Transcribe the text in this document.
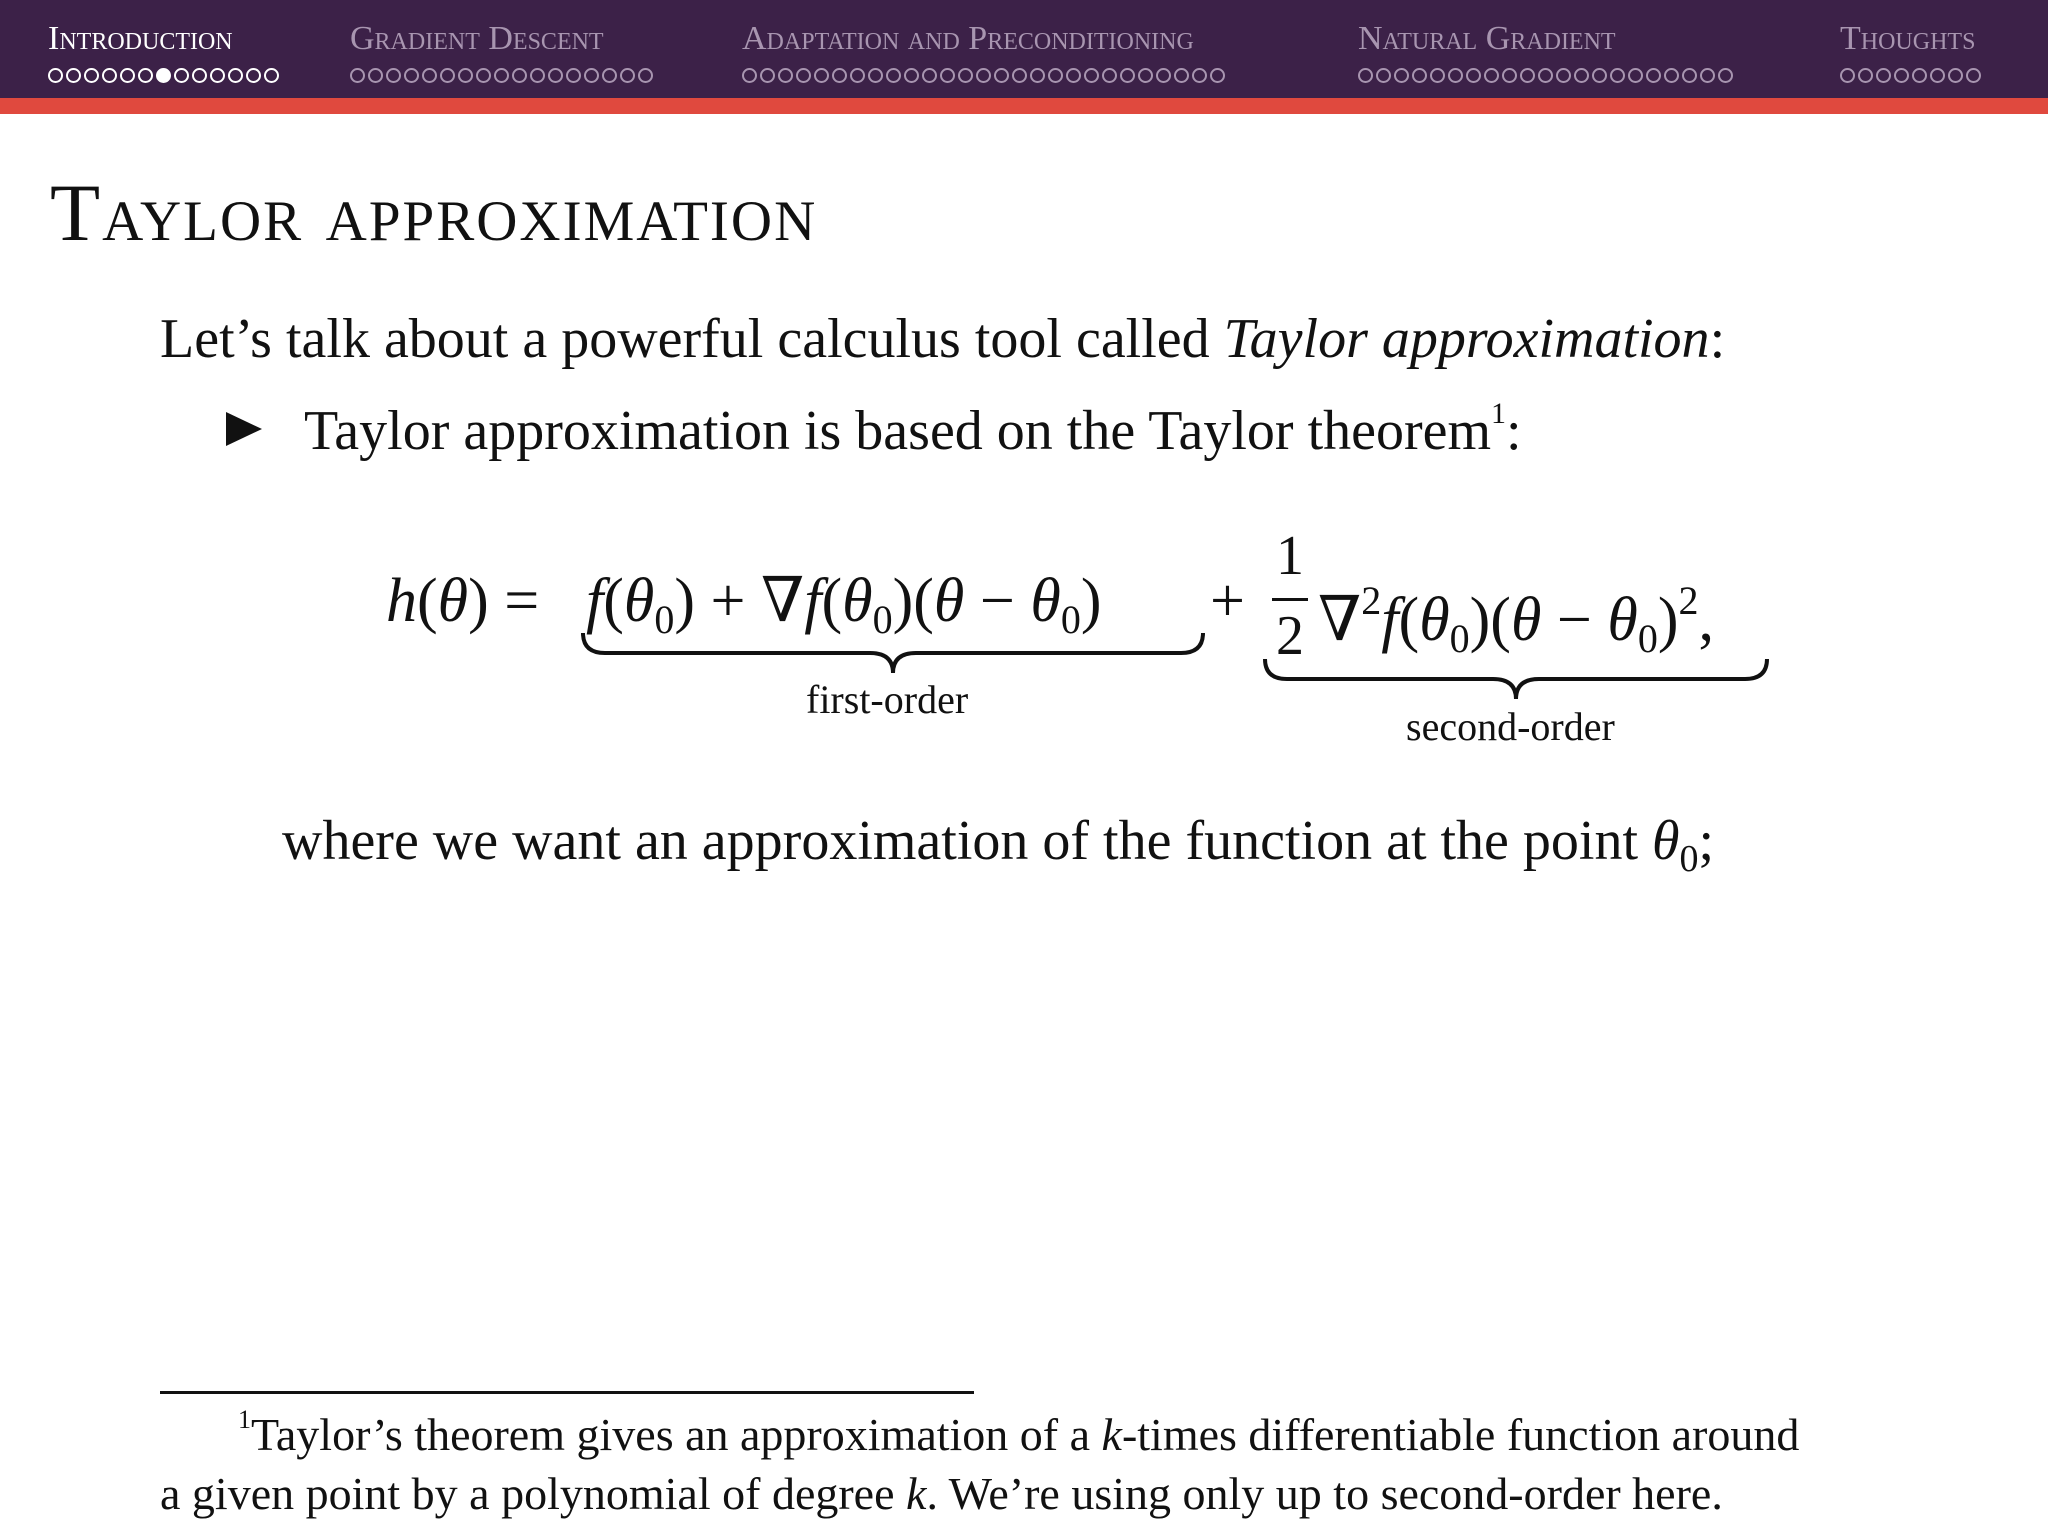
Introduction	Gradient Descent	Adaptation and Preconditioning	Natural Gradient	Thoughts
Taylor approximation
Let’s talk about a powerful calculus tool called Taylor approximation:
Taylor approximation is based on the Taylor theorem$^1$:
$h(\theta) = f(\theta_0) + \nabla f(\theta_0)(\theta - \theta_0)$ +
1
2 $\nabla^2f(\theta_0)(\theta - \theta_0)^2$,
first-order
second-order
where we want an approximation of the function at the point $\theta_0$;
$^1$Taylor’s theorem gives an approximation of a k-times differentiable function around
a given point by a polynomial of degree k. We’re using only up to second-order here.
